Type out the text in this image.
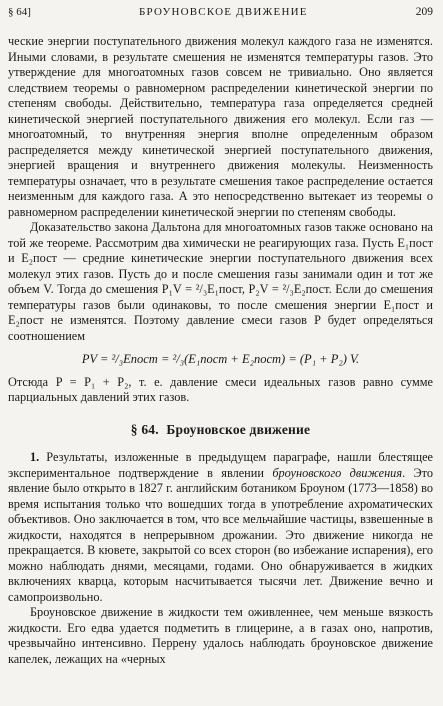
§ 64]	БРОУНОВСКОЕ ДВИЖЕНИЕ	209

ческие энергии поступательного движения молекул каждого газа не изменятся. Иными словами, в результате смешения не изменятся температуры газов. Это утверждение для многоатомных газов совсем не тривиально. Оно является следствием теоремы о равномерном распределении кинетической энергии по степеням свободы. Действительно, температура газа определяется средней кинетической энергией поступательного движения его молекул. Если газ — многоатомный, то внутренняя энергия вполне определенным образом распределяется между кинетической энергией поступательного движения, энергией вращения и внутреннего движения молекулы. Неизменность температуры означает, что в результате смешения такое распределение остается неизменным для каждого газа. А это непосредственно вытекает из теоремы о равномерном распределении кинетической энергии по степеням свободы.

Доказательство закона Дальтона для многоатомных газов также основано на той же теореме. Рассмотрим два химически не реагирующих газа. Пусть E₁пост и E₂пост — средние кинетические энергии поступательного движения всех молекул этих газов. Пусть до и после смешения газы занимали один и тот же объем V. Тогда до смешения P₁V = ²/₃E₁пост, P₂V = ²/₃E₂пост. Если до смешения температуры газов были одинаковы, то после смешения энергии E₁пост и E₂пост не изменятся. Поэтому давление смеси газов P будет определяться соотношением

PV = ²/₃Eпост = ²/₃(E₁пост + E₂пост) = (P₁ + P₂) V.

Отсюда P = P₁ + P₂, т. е. давление смеси идеальных газов равно сумме парциальных давлений этих газов.

§ 64. Броуновское движение

1. Результаты, изложенные в предыдущем параграфе, нашли блестящее экспериментальное подтверждение в явлении броуновского движения. Это явление было открыто в 1827 г. английским ботаником Броуном (1773—1858) во время испытания только что вошедших тогда в употребление ахроматических объективов. Оно заключается в том, что все мельчайшие частицы, взвешенные в жидкости, находятся в непрерывном дрожании. Это движение никогда не прекращается. В кювете, закрытой со всех сторон (во избежание испарения), его можно наблюдать днями, месяцами, годами. Оно обнаруживается в жидких включениях кварца, которым насчитывается тысячи лет. Движение вечно и самопроизвольно.

Броуновское движение в жидкости тем оживленнее, чем меньше вязкость жидкости. Его едва удается подметить в глицерине, а в газах оно, напротив, чрезвычайно интенсивно. Перрену удалось наблюдать броуновское движение капелек, лежащих на «черных
